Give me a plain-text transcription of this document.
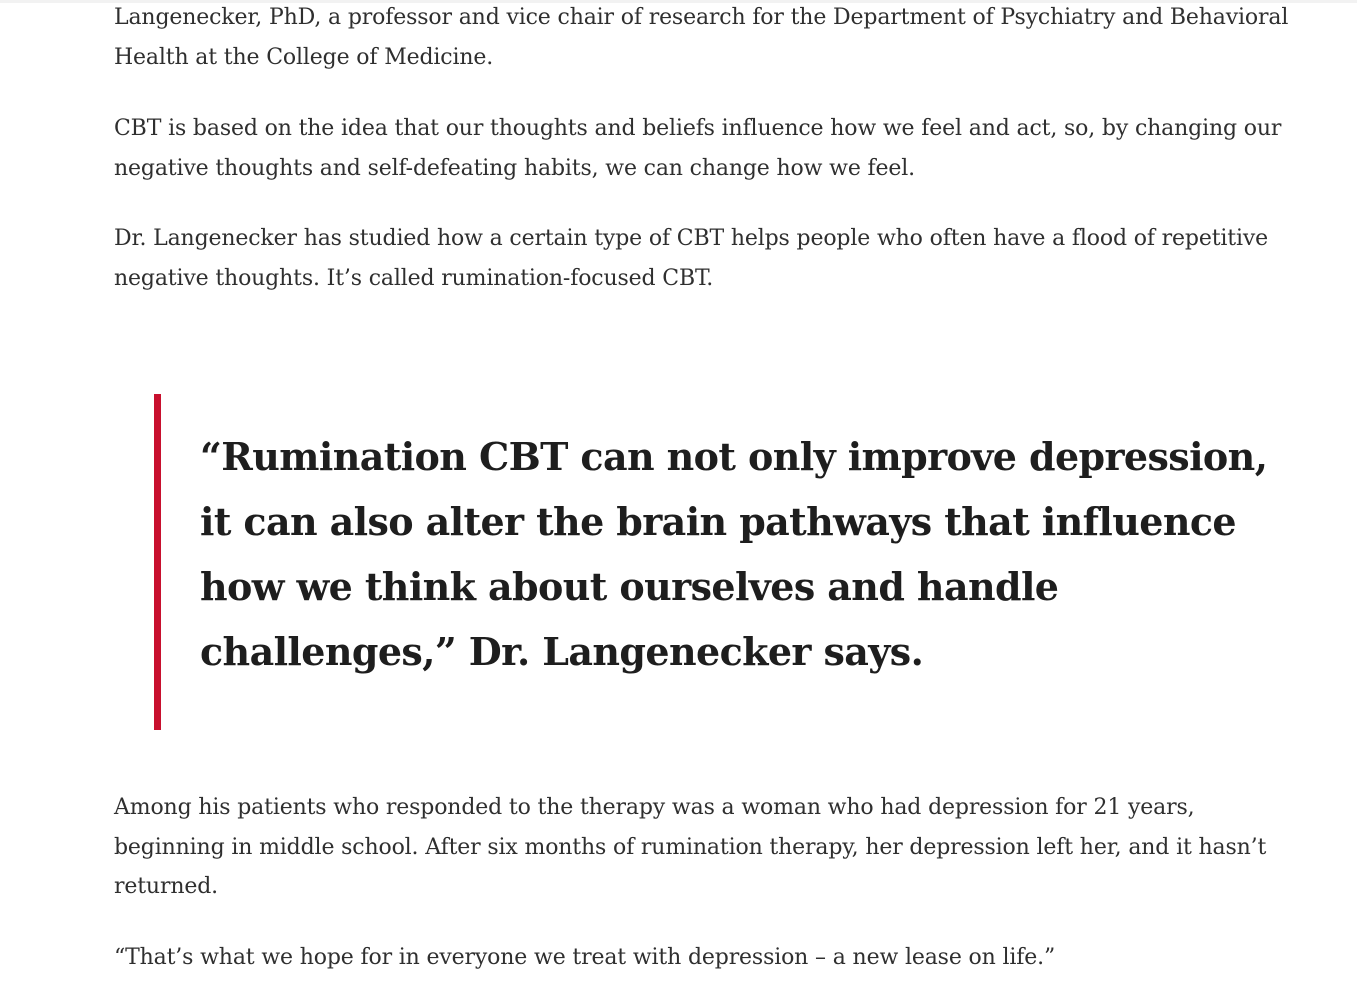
Langenecker, PhD, a professor and vice chair of research for the Department of Psychiatry and Behavioral Health at the College of Medicine.

CBT is based on the idea that our thoughts and beliefs influence how we feel and act, so, by changing our negative thoughts and self-defeating habits, we can change how we feel.

Dr. Langenecker has studied how a certain type of CBT helps people who often have a flood of repetitive negative thoughts. It’s called rumination-focused CBT.

“Rumination CBT can not only improve depression, it can also alter the brain pathways that influence how we think about ourselves and handle challenges,” Dr. Langenecker says.

Among his patients who responded to the therapy was a woman who had depression for 21 years, beginning in middle school. After six months of rumination therapy, her depression left her, and it hasn’t returned.

“That’s what we hope for in everyone we treat with depression – a new lease on life.”
